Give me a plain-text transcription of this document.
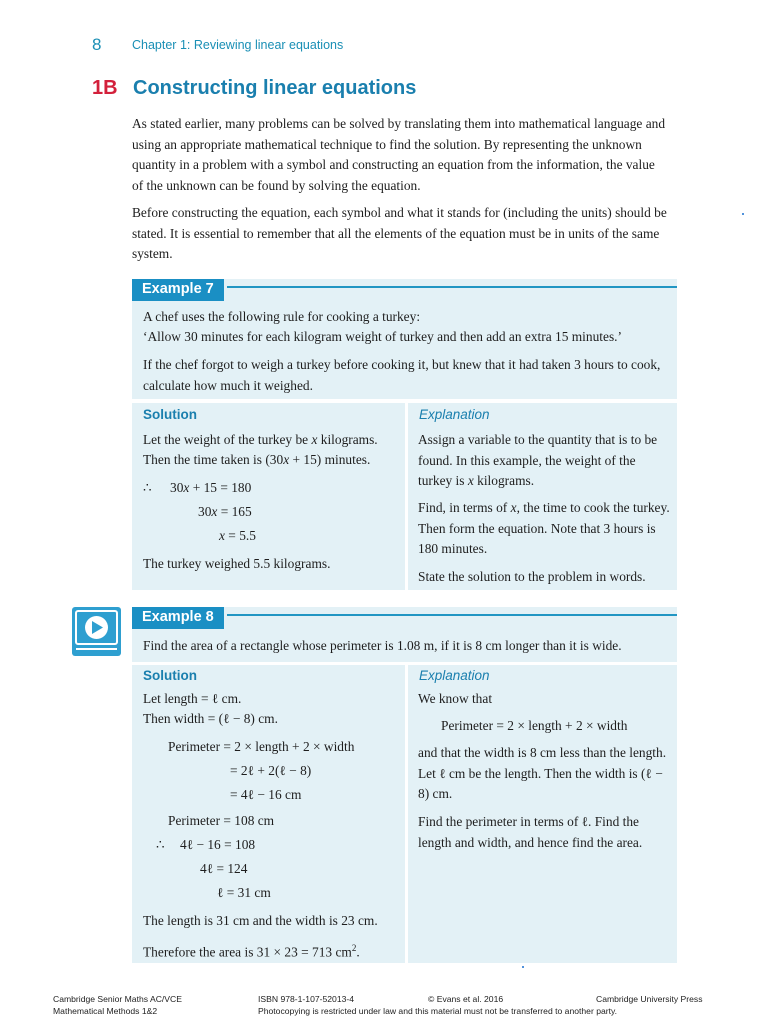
8 Chapter 1: Reviewing linear equations
1B Constructing linear equations
As stated earlier, many problems can be solved by translating them into mathematical language and using an appropriate mathematical technique to find the solution. By representing the unknown quantity in a problem with a symbol and constructing an equation from the information, the value of the unknown can be found by solving the equation.
Before constructing the equation, each symbol and what it stands for (including the units) should be stated. It is essential to remember that all the elements of the equation must be in units of the same system.
Example 7
A chef uses the following rule for cooking a turkey:
‘Allow 30 minutes for each kilogram weight of turkey and then add an extra 15 minutes.’
If the chef forgot to weigh a turkey before cooking it, but knew that it had taken 3 hours to cook, calculate how much it weighed.
Solution
Let the weight of the turkey be x kilograms.
Then the time taken is (30x + 15) minutes.
∴ 30x + 15 = 180
30x = 165
x = 5.5
The turkey weighed 5.5 kilograms.
Explanation
Assign a variable to the quantity that is to be found. In this example, the weight of the turkey is x kilograms.
Find, in terms of x, the time to cook the turkey. Then form the equation. Note that 3 hours is 180 minutes.
State the solution to the problem in words.
Example 8
Find the area of a rectangle whose perimeter is 1.08 m, if it is 8 cm longer than it is wide.
Solution
Let length = ℓ cm.
Then width = (ℓ − 8) cm.
Perimeter = 2 × length + 2 × width
= 2ℓ + 2(ℓ − 8)
= 4ℓ − 16 cm
Perimeter = 108 cm
∴ 4ℓ − 16 = 108
4ℓ = 124
ℓ = 31 cm
The length is 31 cm and the width is 23 cm.
Therefore the area is 31 × 23 = 713 $cm^2$.
Explanation
We know that
Perimeter = 2 × length + 2 × width
and that the width is 8 cm less than the length. Let ℓ cm be the length. Then the width is (ℓ − 8) cm.
Find the perimeter in terms of ℓ. Find the length and width, and hence find the area.
Cambridge Senior Maths AC/VCE
Mathematical Methods 1&2
ISBN 978-1-107-52013-4	© Evans et al. 2016
Photocopying is restricted under law and this material must not be transferred to another party.
Cambridge University Press
